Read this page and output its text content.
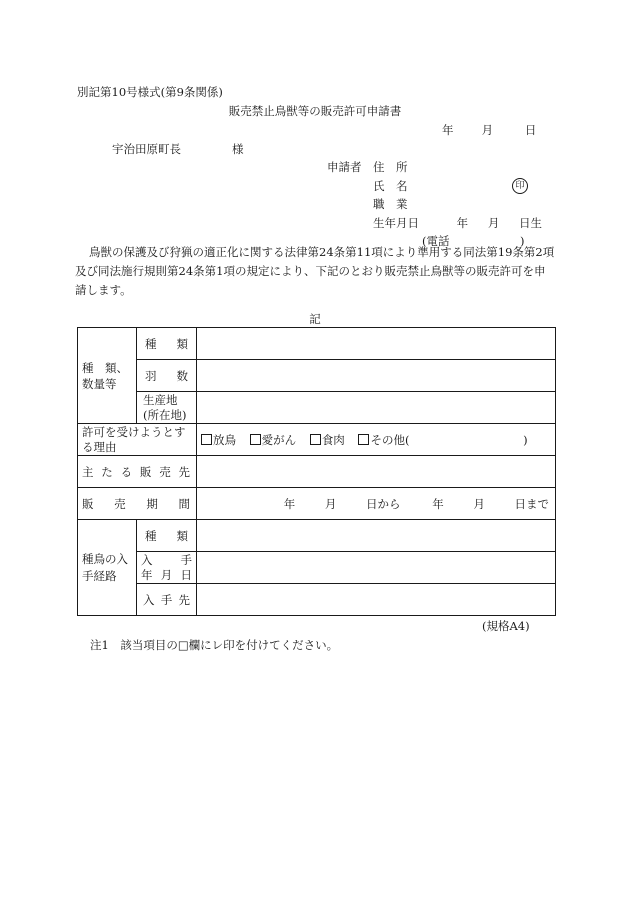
別記第10号様式(第9条関係)
販売禁止鳥獣等の販売許可申請書
年 月	日
宇治田原町長	様
申請者 住　所
氏　名	印
職　業
生年月日	年 月 日生
(電話	)
鳥獣の保護及び狩猟の適正化に関する法律第24条第11項により準用する同法第19条第2項及び同法施行規則第24条第1項の規定により、下記のとおり販売禁止鳥獣等の販売許可を申請します。
記
種　類、数量等	種　類	

	羽　数	

	生産地(所在地)	

許可を受けようとする理由		放鳥 愛がん 食肉 その他( )

主たる販売先		

販売期間		年 月 日から 年 月 日まで

種鳥の入手経路	種　類	

	入　手
年月日	

	入手先	

(規格A4)
注1　該当項目の□欄にレ印を付けてください。
